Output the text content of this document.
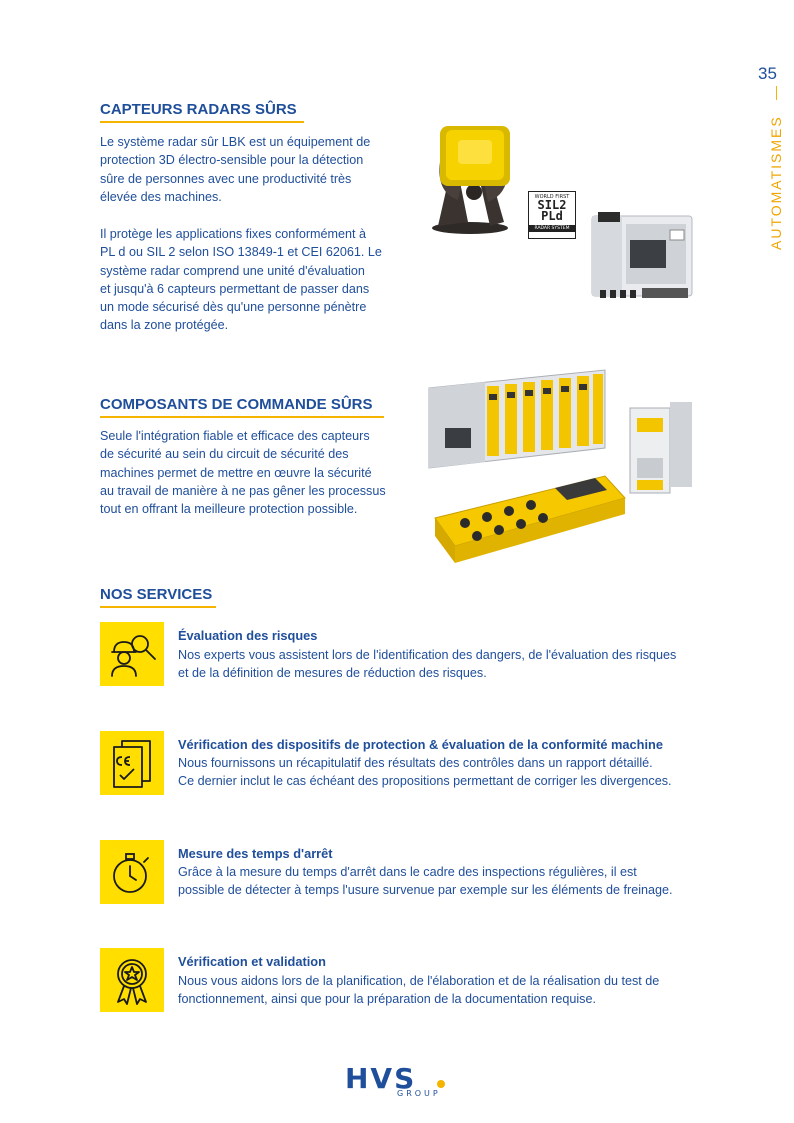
35
AUTOMATISMES
CAPTEURS RADARS SÛRS
Le système radar sûr LBK est un équipement de
protection 3D électro-sensible pour la détection
sûre de personnes avec une productivité très
élevée des machines.
Il protège les applications fixes conformément à
PL d ou SIL 2 selon ISO 13849-1 et CEI 62061. Le
système radar comprend une unité d'évaluation
et jusqu'à 6 capteurs permettant de passer dans
un mode sécurisé dès qu'une personne pénètre
dans la zone protégée.
WORLD FIRST
SIL2
PLd
RADAR SYSTEM
COMPOSANTS DE COMMANDE SÛRS
Seule l'intégration fiable et efficace des capteurs
de sécurité au sein du circuit de sécurité des
machines permet de mettre en œuvre la sécurité
au travail de manière à ne pas gêner les processus
tout en offrant la meilleure protection possible.
NOS SERVICES
Évaluation des risques
Nos experts vous assistent lors de l'identification des dangers, de l'évaluation des risques
et de la définition de mesures de réduction des risques.
Vérification des dispositifs de protection & évaluation de la conformité machine
Nous fournissons un récapitulatif des résultats des contrôles dans un rapport détaillé.
Ce dernier inclut le cas échéant des propositions permettant de corriger les divergences.
Mesure des temps d'arrêt
Grâce à la mesure du temps d'arrêt dans le cadre des inspections régulières, il est
possible de détecter à temps l'usure survenue par exemple sur les éléments de freinage.
Vérification et validation
Nous vous aidons lors de la planification, de l'élaboration et de la réalisation du test de
fonctionnement, ainsi que pour la préparation de la documentation requise.
HVS
GROUP
